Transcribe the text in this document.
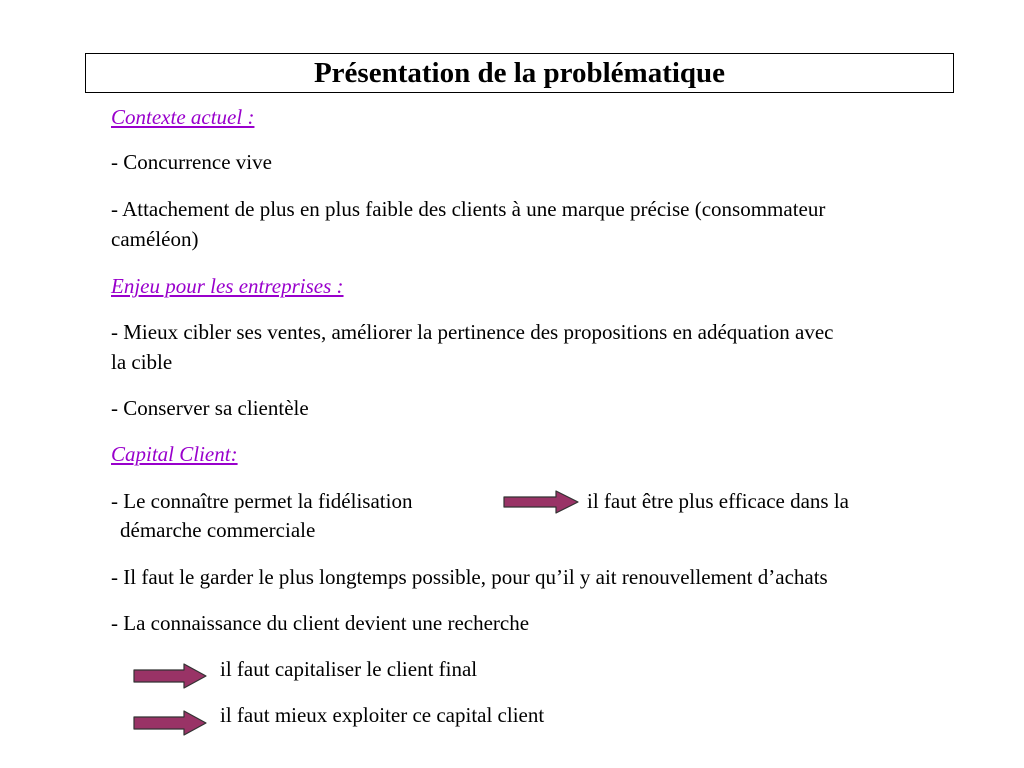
Présentation de la problématique
Contexte actuel :
- Concurrence vive
- Attachement de plus en plus faible des clients à une marque précise (consommateur
caméléon)
Enjeu pour les entreprises :
- Mieux cibler ses ventes, améliorer la pertinence des propositions en adéquation avec
la cible
- Conserver sa clientèle
Capital Client:
- Le connaître permet la fidélisation	il faut être plus efficace dans la
démarche commerciale
- Il faut le garder le plus longtemps possible, pour qu’il y ait renouvellement d’achats
- La connaissance du client devient une recherche
il faut capitaliser le client final
il faut mieux exploiter ce capital client
